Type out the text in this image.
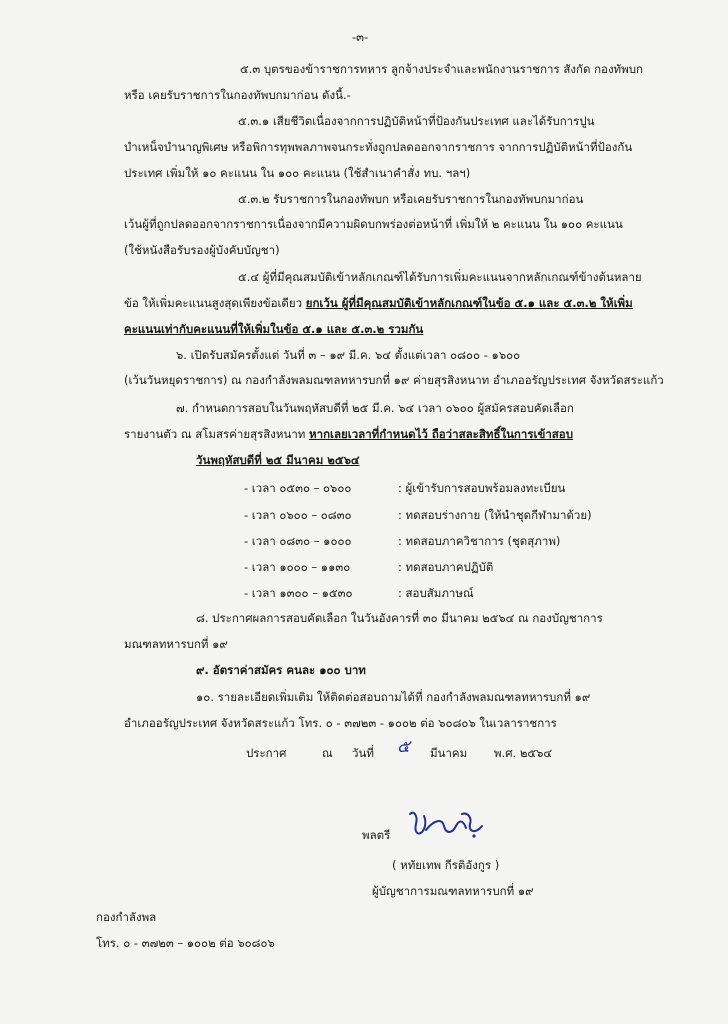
-๓-
๕.๓ บุตรของข้าราชการทหาร ลูกจ้างประจำและพนักงานราชการ สังกัด กองทัพบก
หรือ เคยรับราชการในกองทัพบกมาก่อน ดังนี้.-
๕.๓.๑ เสียชีวิตเนื่องจากการปฏิบัติหน้าที่ป้องกันประเทศ และได้รับการปูน
บำเหน็จบำนาญพิเศษ หรือพิการทุพพลภาพจนกระทั่งถูกปลดออกจากราชการ จากการปฏิบัติหน้าที่ป้องกัน
ประเทศ เพิ่มให้ ๑๐ คะแนน ใน ๑๐๐ คะแนน (ใช้สำเนาคำสั่ง ทบ. ฯลฯ)
๕.๓.๒ รับราชการในกองทัพบก หรือเคยรับราชการในกองทัพบกมาก่อน
เว้นผู้ที่ถูกปลดออกจากราชการเนื่องจากมีความผิดบกพร่องต่อหน้าที่ เพิ่มให้ ๒ คะแนน ใน ๑๐๐ คะแนน
(ใช้หนังสือรับรองผู้บังคับบัญชา)
๕.๔ ผู้ที่มีคุณสมบัติเข้าหลักเกณฑ์ได้รับการเพิ่มคะแนนจากหลักเกณฑ์ข้างต้นหลาย
ข้อ ให้เพิ่มคะแนนสูงสุดเพียงข้อเดียว ยกเว้น ผู้ที่มีคุณสมบัติเข้าหลักเกณฑ์ในข้อ ๕.๑ และ ๕.๓.๒ ให้เพิ่ม
คะแนนเท่ากับคะแนนที่ให้เพิ่มในข้อ ๕.๑ และ ๕.๓.๒ รวมกัน
๖. เปิดรับสมัครตั้งแต่ วันที่ ๓ – ๑๙ มี.ค. ๖๔ ตั้งแต่เวลา ๐๘๐๐ - ๑๖๐๐
(เว้นวันหยุดราชการ) ณ กองกำลังพลมณฑลทหารบกที่ ๑๙ ค่ายสุรสิงหนาท อำเภออรัญประเทศ จังหวัดสระแก้ว
๗. กำหนดการสอบในวันพฤหัสบดีที่ ๒๕ มี.ค. ๖๔ เวลา ๐๖๐๐ ผู้สมัครสอบคัดเลือก
รายงานตัว ณ สโมสรค่ายสุรสิงหนาท หากเลยเวลาที่กำหนดไว้ ถือว่าสละสิทธิ์ในการเข้าสอบ
วันพฤหัสบดีที่ ๒๕ มีนาคม ๒๕๖๔
- เวลา ๐๕๓๐ – ๐๖๐๐	: ผู้เข้ารับการสอบพร้อมลงทะเบียน
- เวลา ๐๖๐๐ – ๐๘๓๐	: ทดสอบร่างกาย (ให้นำชุดกีฬามาด้วย)
- เวลา ๐๘๓๐ – ๑๐๐๐	: ทดสอบภาควิชาการ (ชุดสุภาพ)
- เวลา ๑๐๐๐ – ๑๑๓๐	: ทดสอบภาคปฏิบัติ
- เวลา ๑๓๐๐ – ๑๕๓๐	: สอบสัมภาษณ์
๘. ประกาศผลการสอบคัดเลือก ในวันอังคารที่ ๓๐ มีนาคม ๒๕๖๔ ณ กองบัญชาการ
มณฑลทหารบกที่ ๑๙
๙. อัตราค่าสมัคร คนละ ๑๐๐ บาท
๑๐. รายละเอียดเพิ่มเติม ให้ติดต่อสอบถามได้ที่ กองกำลังพลมณฑลทหารบกที่ ๑๙
อำเภออรัญประเทศ จังหวัดสระแก้ว โทร. ๐ - ๓๗๒๓ - ๑๐๐๒ ต่อ ๖๐๘๐๖ ในเวลาราชการ
ประกาศ	ณ วันที่ ๕ มีนาคม พ.ศ. ๒๕๖๔
พลตรี
( หทัยเทพ กีรติอังกูร )
ผู้บัญชาการมณฑลทหารบกที่ ๑๙
กองกำลังพล
โทร. ๐ - ๓๗๒๓ – ๑๐๐๒ ต่อ ๖๐๘๐๖
